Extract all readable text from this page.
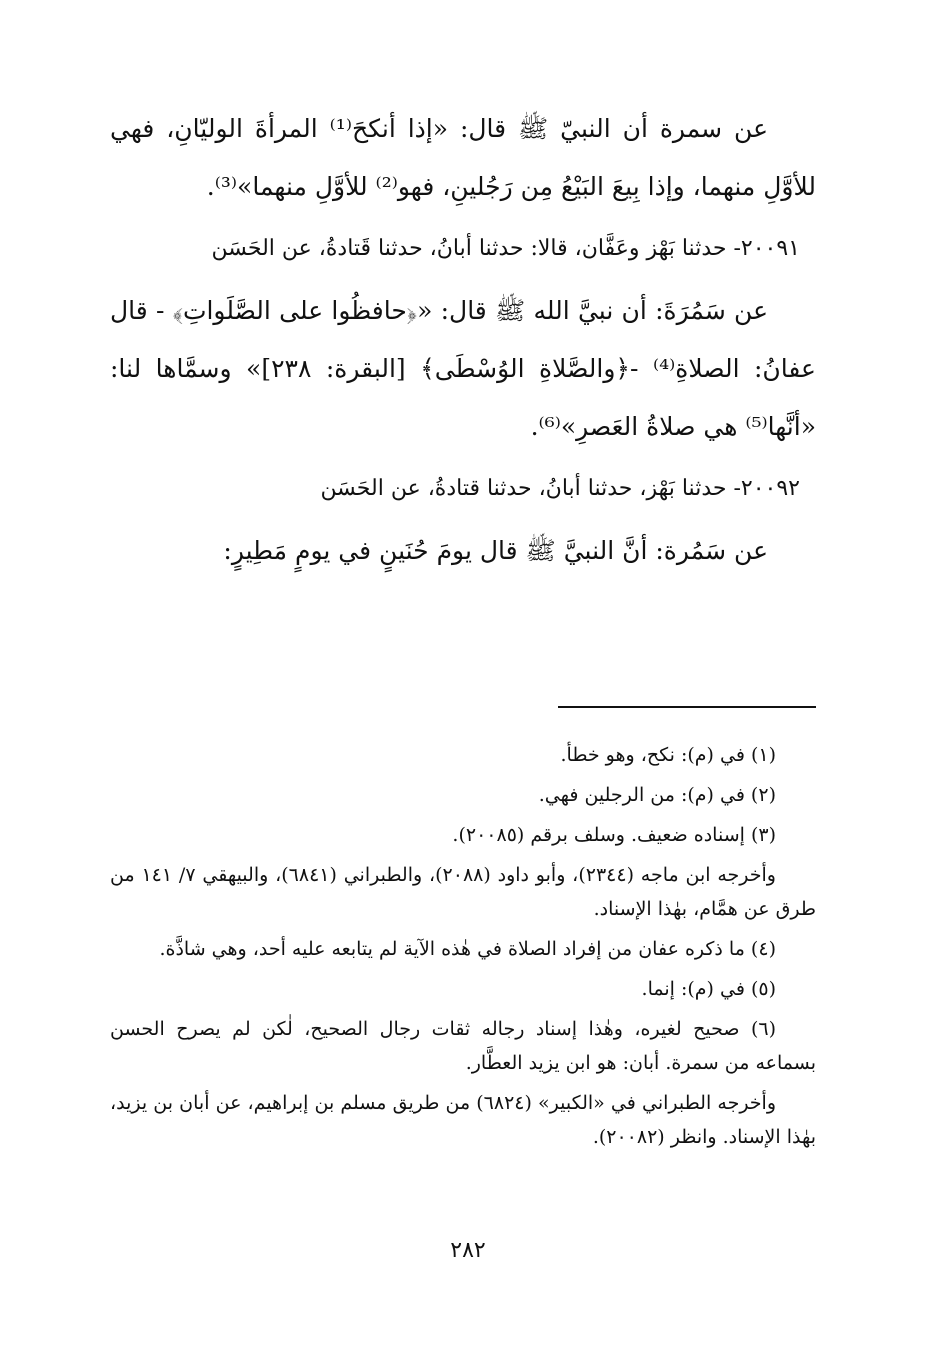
عن سمرة أن النبيّ ﷺ قال: «إذا أنكحَ⁽¹⁾ المرأةَ الوليّانِ، فهي للأوَّلِ منهما، وإذا بِيعَ البَيْعُ مِن رَجُلينِ، فهو⁽²⁾ للأوَّلِ منهما»⁽³⁾.

٢٠٠٩١- حدثنا بَهْز وعَفَّان، قالا: حدثنا أبانُ، حدثنا قَتادةُ، عن الحَسَن

عن سَمُرَةَ: أن نبيَّ الله ﷺ قال: «﴿حافظُوا على الصَّلَواتِ﴾ - قال عفانُ: الصلاةِ⁽⁴⁾ -﴿والصَّلاةِ الوُسْطَى﴾ [البقرة: ٢٣٨]» وسمَّاها لنا: «أنَّها⁽⁵⁾ هي صلاةُ العَصرِ»⁽⁶⁾.

٢٠٠٩٢- حدثنا بَهْز، حدثنا أبانُ، حدثنا قتادةُ، عن الحَسَن

عن سَمُرة: أنَّ النبيَّ ﷺ قال يومَ حُنَينٍ في يومٍ مَطِيرٍ:

(١) في (م): نكح، وهو خطأ.

(٢) في (م): من الرجلين فهي.

(٣) إسناده ضعيف. وسلف برقم (٢٠٠٨٥).

وأخرجه ابن ماجه (٢٣٤٤)، وأبو داود (٢٠٨٨)، والطبراني (٦٨٤١)، والبيهقي ٧/ ١٤١ من طرق عن همَّام، بهٰذا الإسناد.

(٤) ما ذكره عفان من إفراد الصلاة في هٰذه الآية لم يتابعه عليه أحد، وهي شاذَّة.

(٥) في (م): إنما.

(٦) صحيح لغيره، وهٰذا إسناد رجاله ثقات رجال الصحيح، لٰكن لم يصرح الحسن بسماعه من سمرة. أبان: هو ابن يزيد العطَّار.

وأخرجه الطبراني في «الكبير» (٦٨٢٤) من طريق مسلم بن إبراهيم، عن أبان بن يزيد، بهٰذا الإسناد. وانظر (٢٠٠٨٢).

٢٨٢
